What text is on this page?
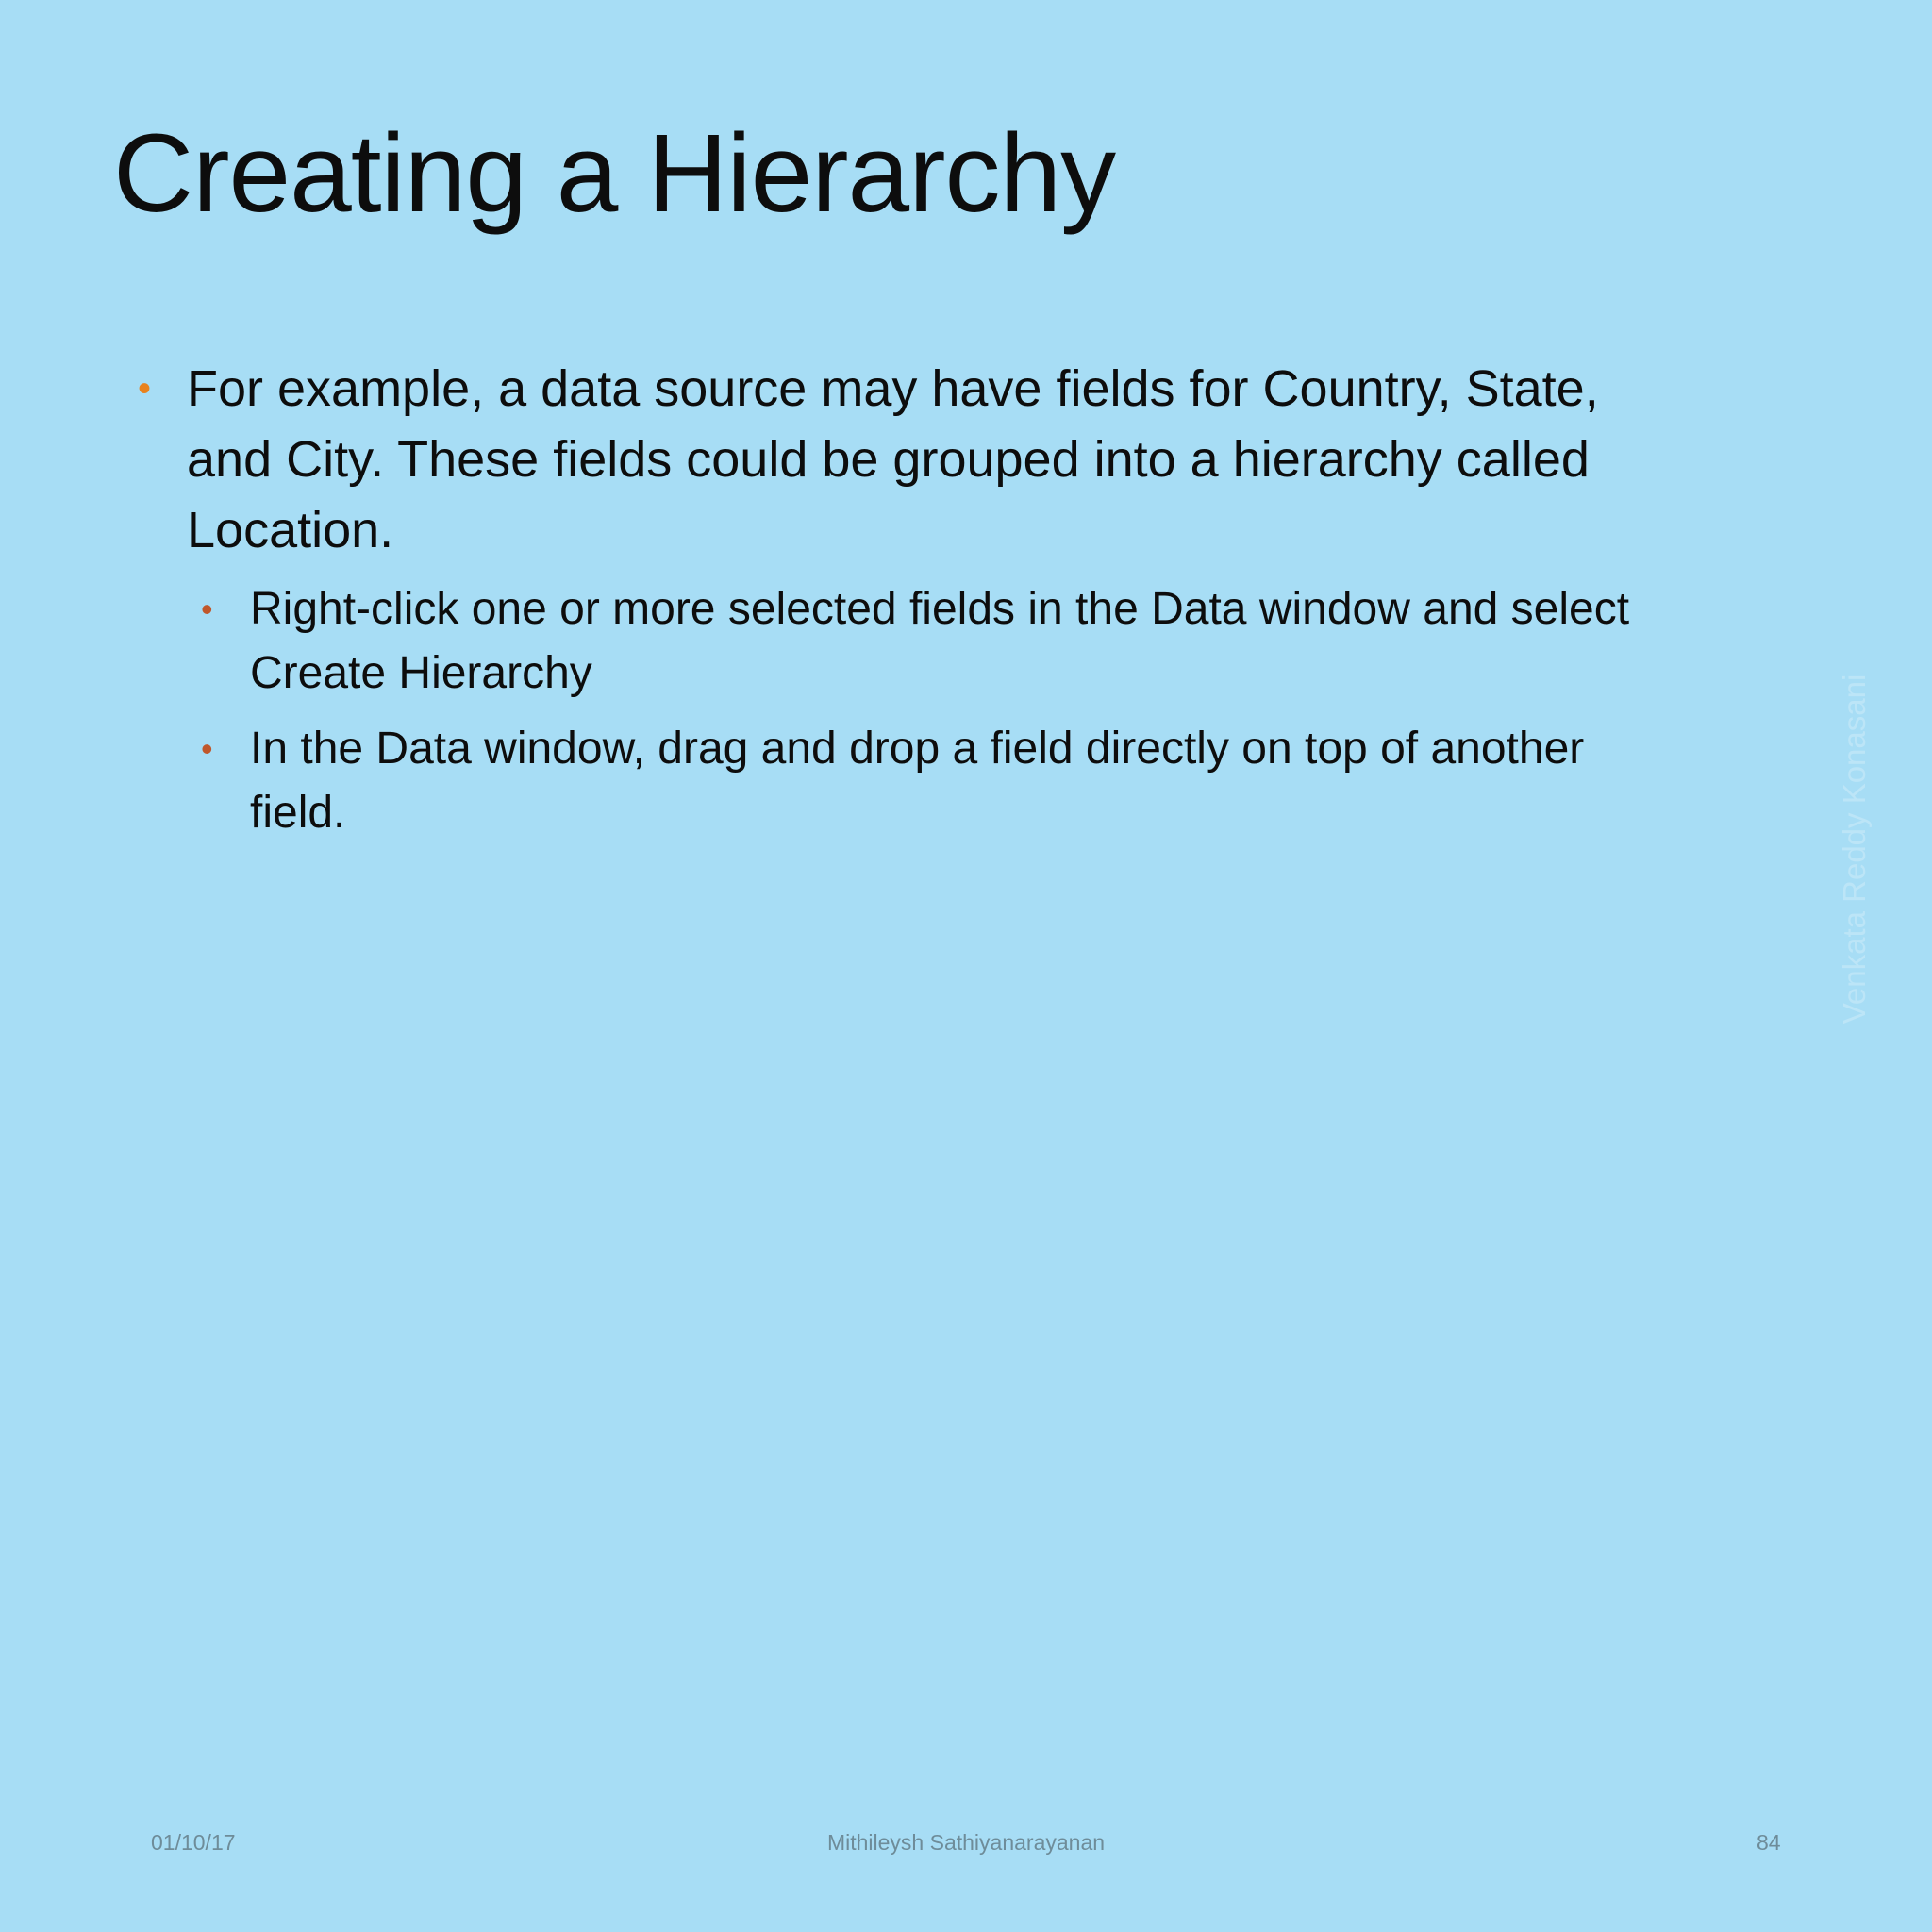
Creating a Hierarchy
• For example, a data source may have fields for Country, State, and City. These fields could be grouped into a hierarchy called Location.
• Right-click one or more selected fields in the Data window and select Create Hierarchy
• In the Data window, drag and drop a field directly on top of another field.	Venkata Reddy Konasani
01/10/17	Mithileysh Sathiyanarayanan	84
